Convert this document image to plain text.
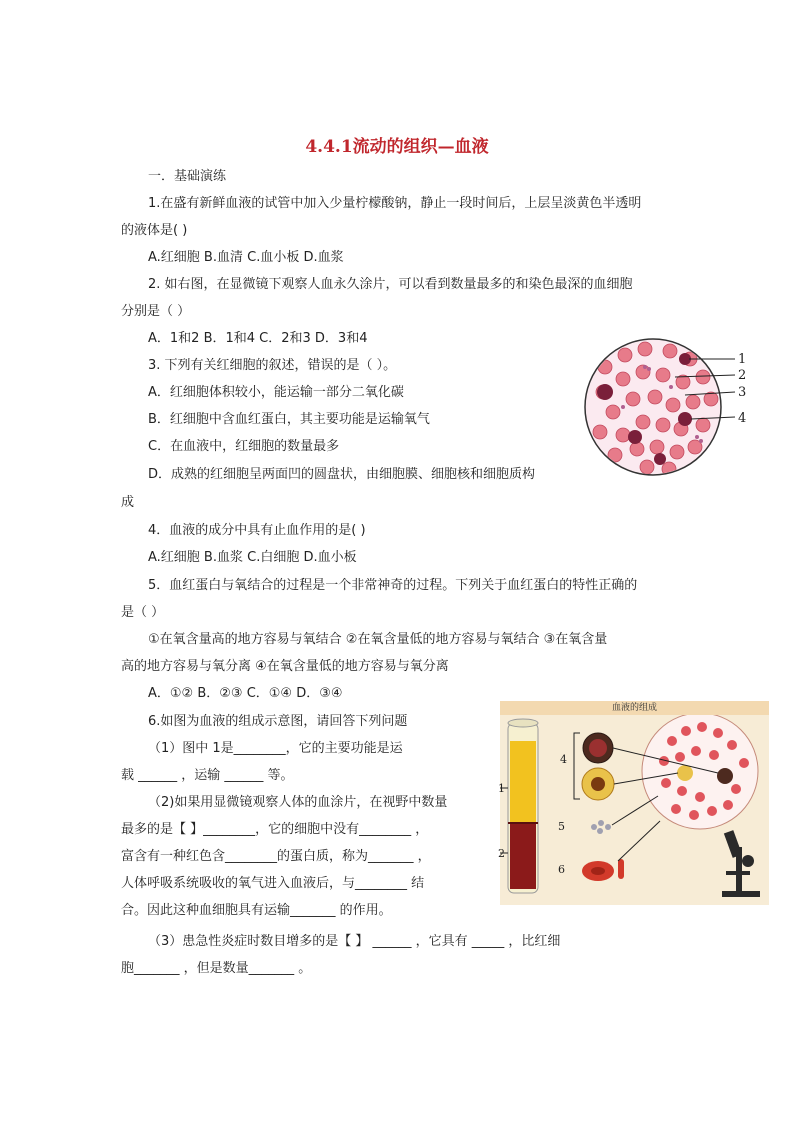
4.4.1流动的组织—血液
一．基础演练
1.在盛有新鲜血液的试管中加入少量柠檬酸钠，静止一段时间后，上层呈淡黄色半透明
的液体是( )
A.红细胞 B.血清 C.血小板 D.血浆
2. 如右图，在显微镜下观察人血永久涂片，可以看到数量最多的和染色最深的血细胞
分别是（ ）
A．1和2 B．1和4 C．2和3 D．3和4
3. 下列有关红细胞的叙述，错误的是（ ）。
A．红细胞体积较小，能运输一部分二氧化碳
B．红细胞中含血红蛋白，其主要功能是运输氧气
C．在血液中，红细胞的数量最多
D．成熟的红细胞呈两面凹的圆盘状，由细胞膜、细胞核和细胞质构
成
4．血液的成分中具有止血作用的是( )
A.红细胞 B.血浆 C.白细胞 D.血小板
5．血红蛋白与氧结合的过程是一个非常神奇的过程。下列关于血红蛋白的特性正确的
是（ ）
①在氧含量高的地方容易与氧结合 ②在氧含量低的地方容易与氧结合 ③在氧含量
高的地方容易与氧分离 ④在氧含量低的地方容易与氧分离
A．①② B．②③ C．①④ D．③④
6.如图为血液的组成示意图，请回答下列问题
（1）图中 1是________，它的主要功能是运
载 ______ ，运输 ______ 等。
（2)如果用显微镜观察人体的血涂片，在视野中数量
最多的是【 】________，它的细胞中没有________ ，
富含有一种红色含________的蛋白质，称为_______ ，
人体呼吸系统吸收的氧气进入血液后，与________ 结
合。因此这种血细胞具有运输_______ 的作用。
（3）患急性炎症时数目增多的是【 】 ______ ，它具有 _____ ，比红细
胞_______ ，但是数量_______ 。
1
2
3
4
1
2
4
5
6
血液的组成
